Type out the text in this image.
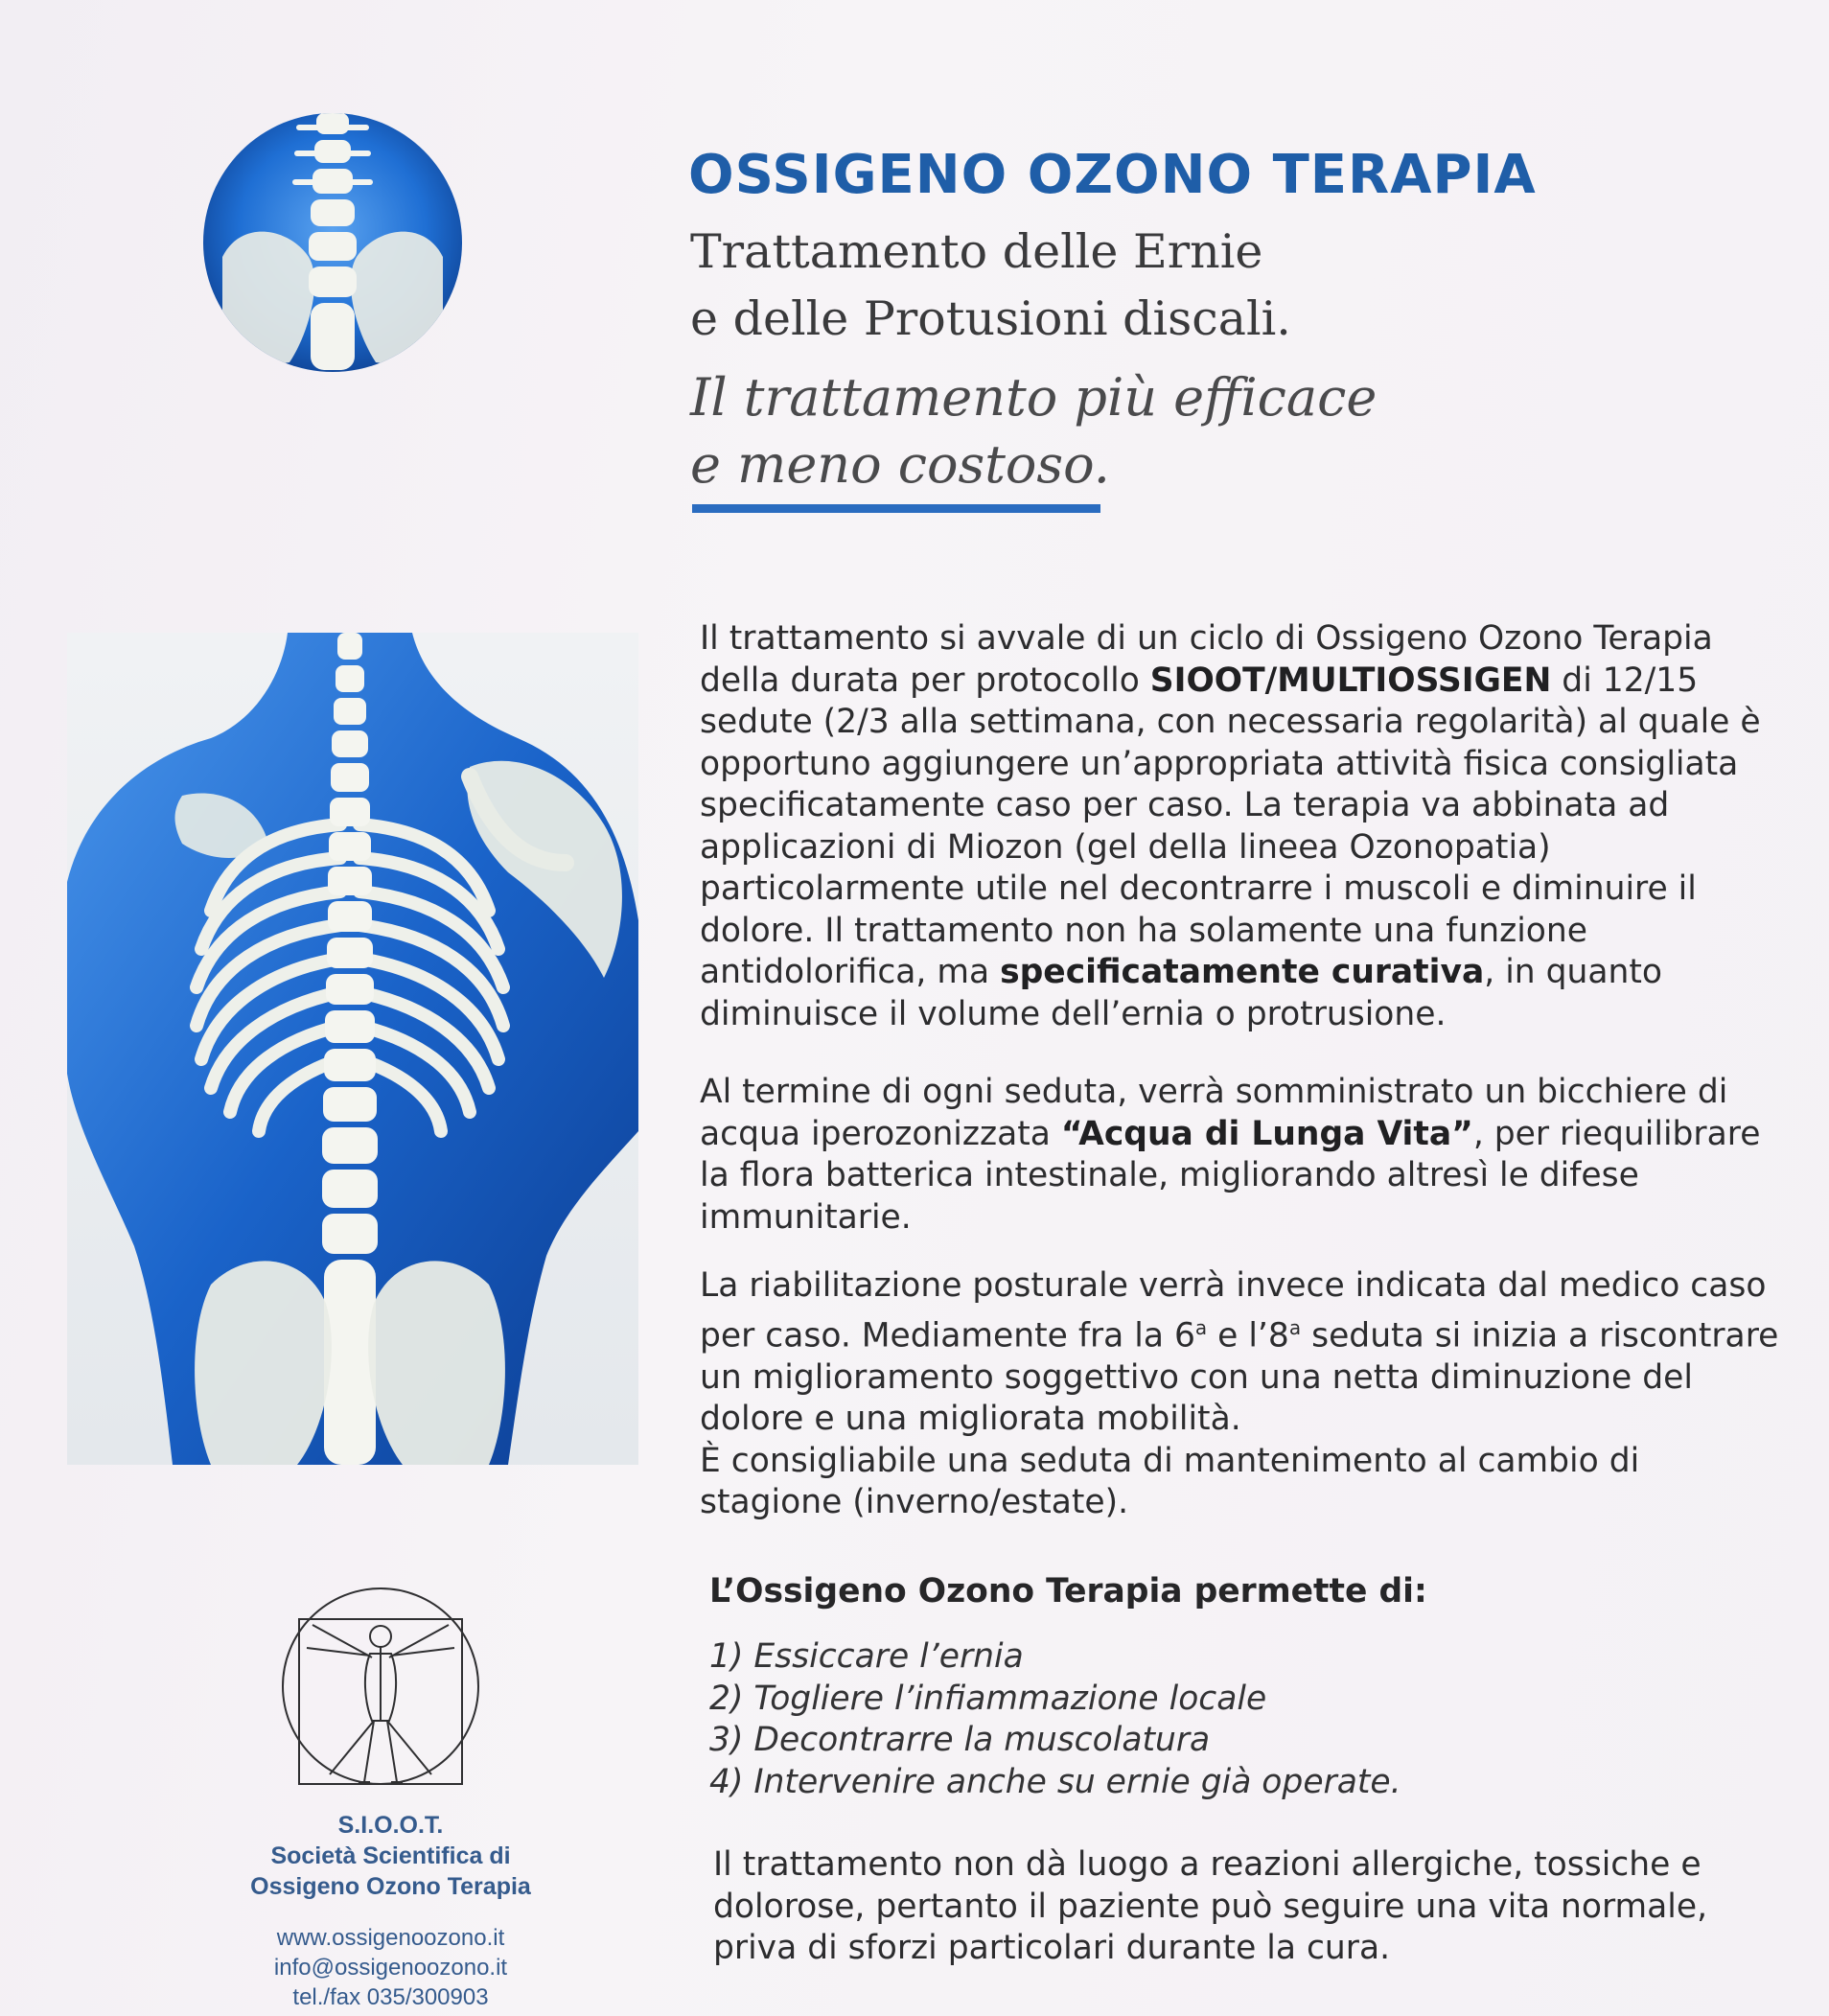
OSSIGENO OZONO TERAPIA
Trattamento delle Ernie
e delle Protusioni discali.
Il trattamento più efficace
e meno costoso.

Il trattamento si avvale di un ciclo di Ossigeno Ozono Terapia della durata per protocollo SIOOT/MULTIOSSIGEN di 12/15 sedute (2/3 alla settimana, con necessaria regolarità) al quale è opportuno aggiungere un’appropriata attività fisica consigliata specificatamente caso per caso. La terapia va abbinata ad applicazioni di Miozon (gel della lineea Ozonopatia) particolarmente utile nel decontrarre i muscoli e diminuire il dolore. Il trattamento non ha solamente una funzione antidolorifica, ma specificatamente curativa, in quanto diminuisce il volume dell’ernia o protrusione.

Al termine di ogni seduta, verrà somministrato un bicchiere di acqua iperozonizzata “Acqua di Lunga Vita”, per riequilibrare la flora batterica intestinale, migliorando altresì le difese immunitarie.

La riabilitazione posturale verrà invece indicata dal medico caso per caso. Mediamente fra la 6$^a$ e l’8$^a$ seduta si inizia a riscontrare un miglioramento soggettivo con una netta diminuzione del dolore e una migliorata mobilità.
È consigliabile una seduta di mantenimento al cambio di stagione (inverno/estate).

L’Ossigeno Ozono Terapia permette di:

1) Essiccare l’ernia
2) Togliere l’infiammazione locale
3) Decontrarre la muscolatura
4) Intervenire anche su ernie già operate.

Il trattamento non dà luogo a reazioni allergiche, tossiche e dolorose, pertanto il paziente può seguire una vita normale, priva di sforzi particolari durante la cura.

S.I.O.O.T.
Società Scientifica di
Ossigeno Ozono Terapia

www.ossigenoozono.it
info@ossigenoozono.it
tel./fax 035/300903
